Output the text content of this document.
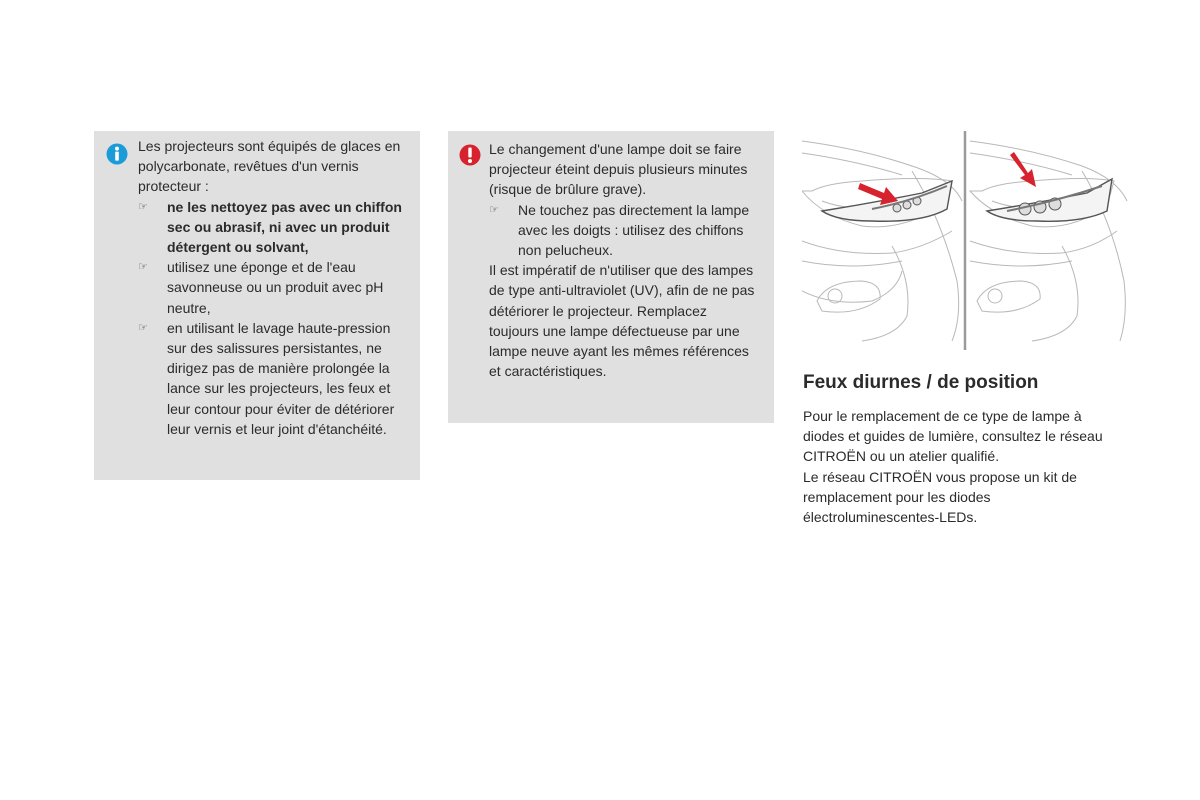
Les projecteurs sont équipés de glaces en polycarbonate, revêtues d'un vernis protecteur :

☞ ne les nettoyez pas avec un chiffon sec ou abrasif, ni avec un produit détergent ou solvant,
☞ utilisez une éponge et de l'eau savonneuse ou un produit avec pH neutre,
☞ en utilisant le lavage haute-pression sur des salissures persistantes, ne dirigez pas de manière prolongée la lance sur les projecteurs, les feux et leur contour pour éviter de détériorer leur vernis et leur joint d'étanchéité.

Le changement d'une lampe doit se faire projecteur éteint depuis plusieurs minutes (risque de brûlure grave).

☞ Ne touchez pas directement la lampe avec les doigts : utilisez des chiffons non pelucheux.

Il est impératif de n'utiliser que des lampes de type anti-ultraviolet (UV), afin de ne pas détériorer le projecteur. Remplacez toujours une lampe défectueuse par une lampe neuve ayant les mêmes références et caractéristiques.

Feux diurnes / de position
Pour le remplacement de ce type de lampe à diodes et guides de lumière, consultez le réseau CITROËN ou un atelier qualifié.
Le réseau CITROËN vous propose un kit de remplacement pour les diodes électroluminescentes-LEDs.
